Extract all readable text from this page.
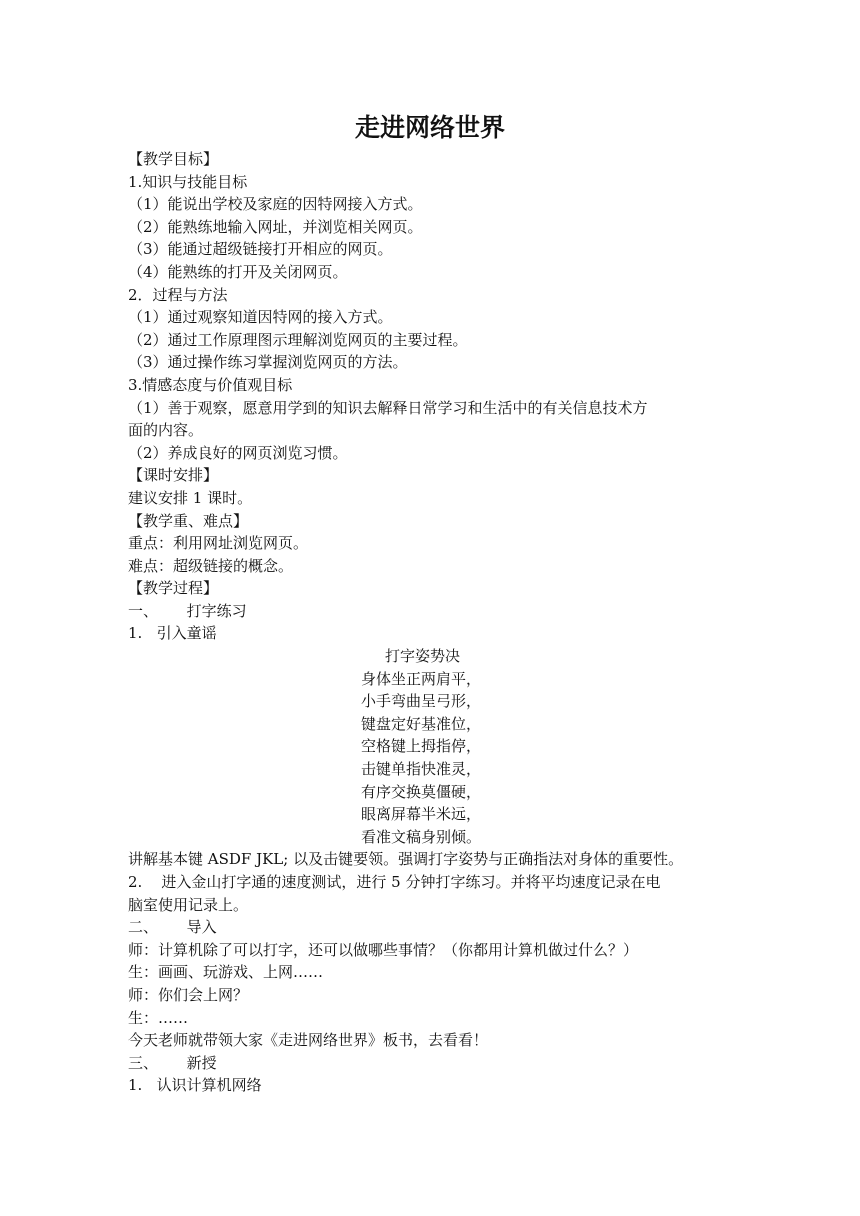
走进网络世界

【教学目标】

1.知识与技能目标

（1）能说出学校及家庭的因特网接入方式。

（2）能熟练地输入网址，并浏览相关网页。

（3）能通过超级链接打开相应的网页。

（4）能熟练的打开及关闭网页。

2．过程与方法

（1）通过观察知道因特网的接入方式。

（2）通过工作原理图示理解浏览网页的主要过程。

（3）通过操作练习掌握浏览网页的方法。

3.情感态度与价值观目标

（1）善于观察，愿意用学到的知识去解释日常学习和生活中的有关信息技术方

面的内容。

（2）养成良好的网页浏览习惯。

【课时安排】

建议安排 1 课时。

【教学重、难点】

重点：利用网址浏览网页。

难点：超级链接的概念。

【教学过程】

一、      打字练习

1.   引入童谣

打字姿势决

身体坐正两肩平，

小手弯曲呈弓形，

键盘定好基准位，

空格键上拇指停，

击键单指快准灵，

有序交换莫僵硬，

眼离屏幕半米远，

看准文稿身别倾。

讲解基本键 ASDF JKL; 以及击键要领。强调打字姿势与正确指法对身体的重要性。

2.    进入金山打字通的速度测试，进行 5 分钟打字练习。并将平均速度记录在电

脑室使用记录上。

二、      导入

师：计算机除了可以打字，还可以做哪些事情？（你都用计算机做过什么？）

生：画画、玩游戏、上网……

师：你们会上网？

生：……

今天老师就带领大家《走进网络世界》板书，去看看！

三、      新授

1.   认识计算机网络
